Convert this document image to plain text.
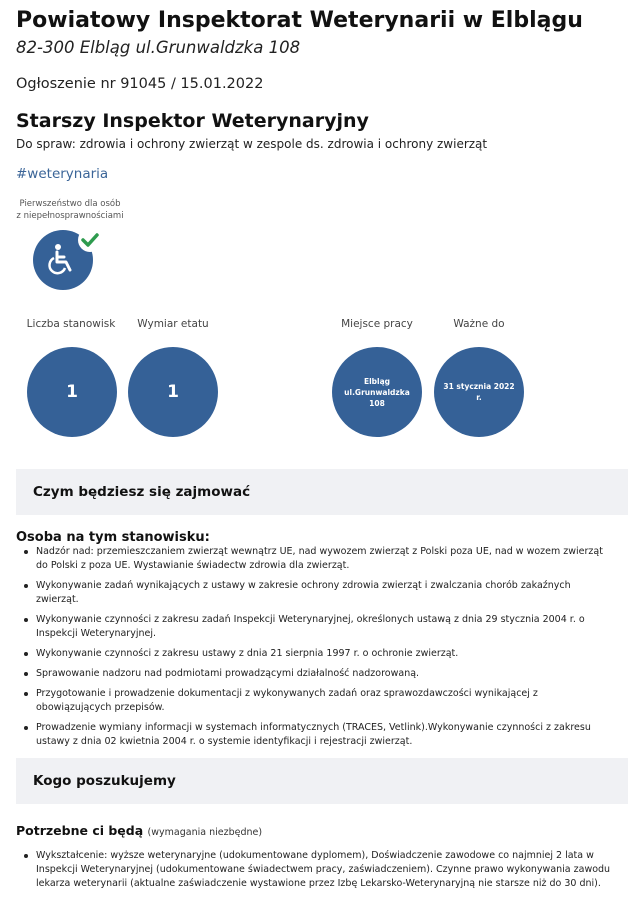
Powiatowy Inspektorat Weterynarii w Elblągu
82-300 Elbląg ul.Grunwaldzka 108
Ogłoszenie nr 91045 / 15.01.2022
Starszy Inspektor Weterynaryjny
Do spraw: zdrowia i ochrony zwierząt w zespole ds. zdrowia i ochrony zwierząt
#weterynaria
Pierwszeństwo dla osób z niepełnosprawnościami
Liczba stanowisk
1
Wymiar etatu
1
Miejsce pracy
Elbląg ul.Grunwaldzka 108
Ważne do
31 stycznia 2022 r.
Czym będziesz się zajmować
Osoba na tym stanowisku:
Nadzór nad: przemieszczaniem zwierząt wewnątrz UE, nad wywozem zwierząt z Polski poza UE, nad w wozem zwierząt do Polski z poza UE. Wystawianie świadectw zdrowia dla zwierząt.
Wykonywanie zadań wynikających z ustawy w zakresie ochrony zdrowia zwierząt i zwalczania chorób zakaźnych zwierząt.
Wykonywanie czynności z zakresu zadań Inspekcji Weterynaryjnej, określonych ustawą z dnia 29 stycznia 2004 r. o Inspekcji Weterynaryjnej.
Wykonywanie czynności z zakresu ustawy z dnia 21 sierpnia 1997 r. o ochronie zwierząt.
Sprawowanie nadzoru nad podmiotami prowadzącymi działalność nadzorowaną.
Przygotowanie i prowadzenie dokumentacji z wykonywanych zadań oraz sprawozdawczości wynikającej z obowiązujących przepisów.
Prowadzenie wymiany informacji w systemach informatycznych (TRACES, Vetlink).Wykonywanie czynności z zakresu ustawy z dnia 02 kwietnia 2004 r. o systemie identyfikacji i rejestracji zwierząt.
Kogo poszukujemy
Potrzebne ci będą (wymagania niezbędne)
Wykształcenie: wyższe weterynaryjne (udokumentowane dyplomem), Doświadczenie zawodowe co najmniej 2 lata w Inspekcji Weterynaryjnej (udokumentowane świadectwem pracy, zaświadczeniem). Czynne prawo wykonywania zawodu lekarza weterynarii (aktualne zaświadczenie wystawione przez Izbę Lekarsko-Weterynaryjną nie starsze niż do 30 dni).
